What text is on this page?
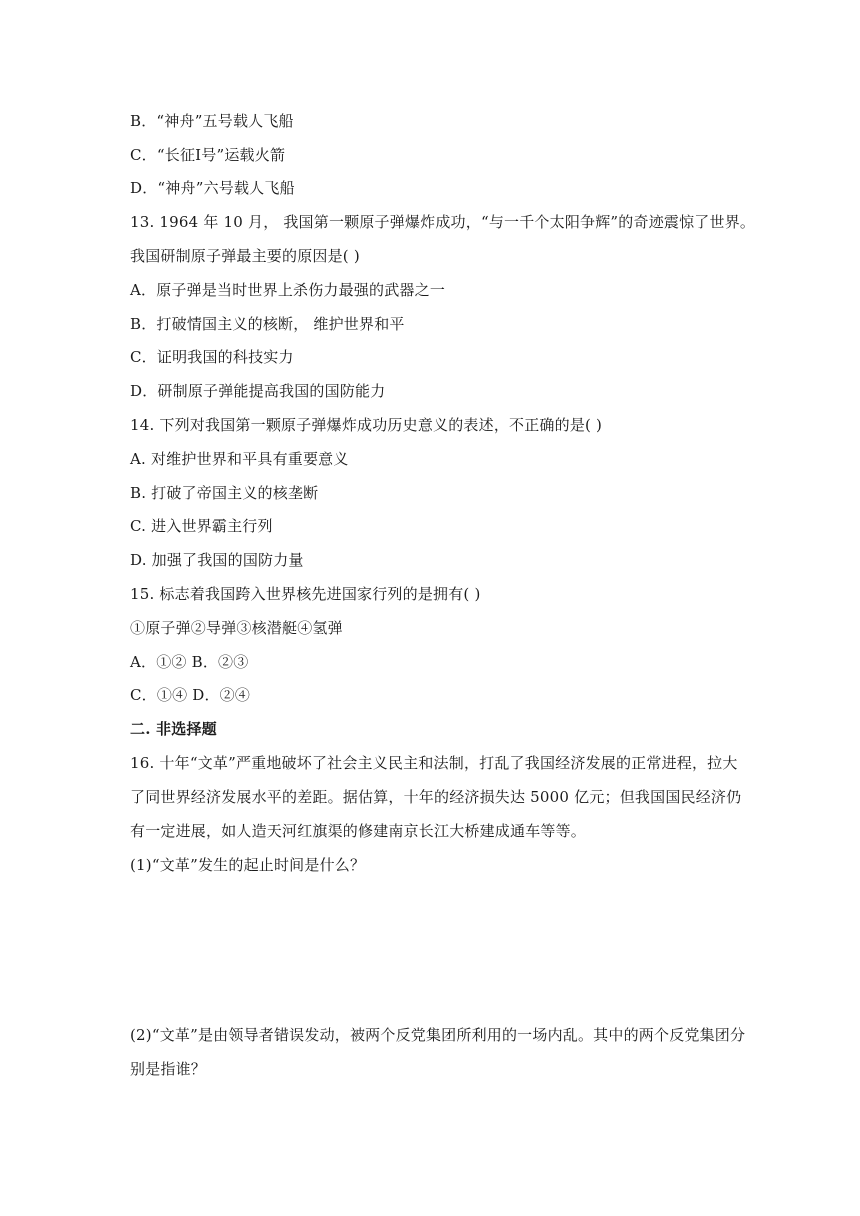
B．“神舟”五号载人飞船
C．“长征Ⅰ号”运载火箭
D．“神舟”六号载人飞船
13. 1964 年 10 月， 我国第一颗原子弹爆炸成功，“与一千个太阳争辉”的奇迹震惊了世界。
我国研制原子弹最主要的原因是( )
A．原子弹是当时世界上杀伤力最强的武器之一
B．打破情国主义的核断， 维护世界和平
C．证明我国的科技实力
D．研制原子弹能提高我国的国防能力
14. 下列对我国第一颗原子弹爆炸成功历史意义的表述，不正确的是( )
A. 对维护世界和平具有重要意义
B. 打破了帝国主义的核垄断
C. 进入世界霸主行列
D. 加强了我国的国防力量
15. 标志着我国跨入世界核先进国家行列的是拥有( )
①原子弹②导弹③核潜艇④氢弹
A．①② B．②③
C．①④ D．②④
二. 非选择题
16. 十年“文革”严重地破坏了社会主义民主和法制，打乱了我国经济发展的正常进程，拉大
了同世界经济发展水平的差距。据估算，十年的经济损失达 5000 亿元；但我国国民经济仍
有一定进展，如人造天河红旗渠的修建南京长江大桥建成通车等等。
(1)“文革”发生的起止时间是什么？
(2)“文革”是由领导者错误发动，被两个反党集团所利用的一场内乱。其中的两个反党集团分
别是指谁？
